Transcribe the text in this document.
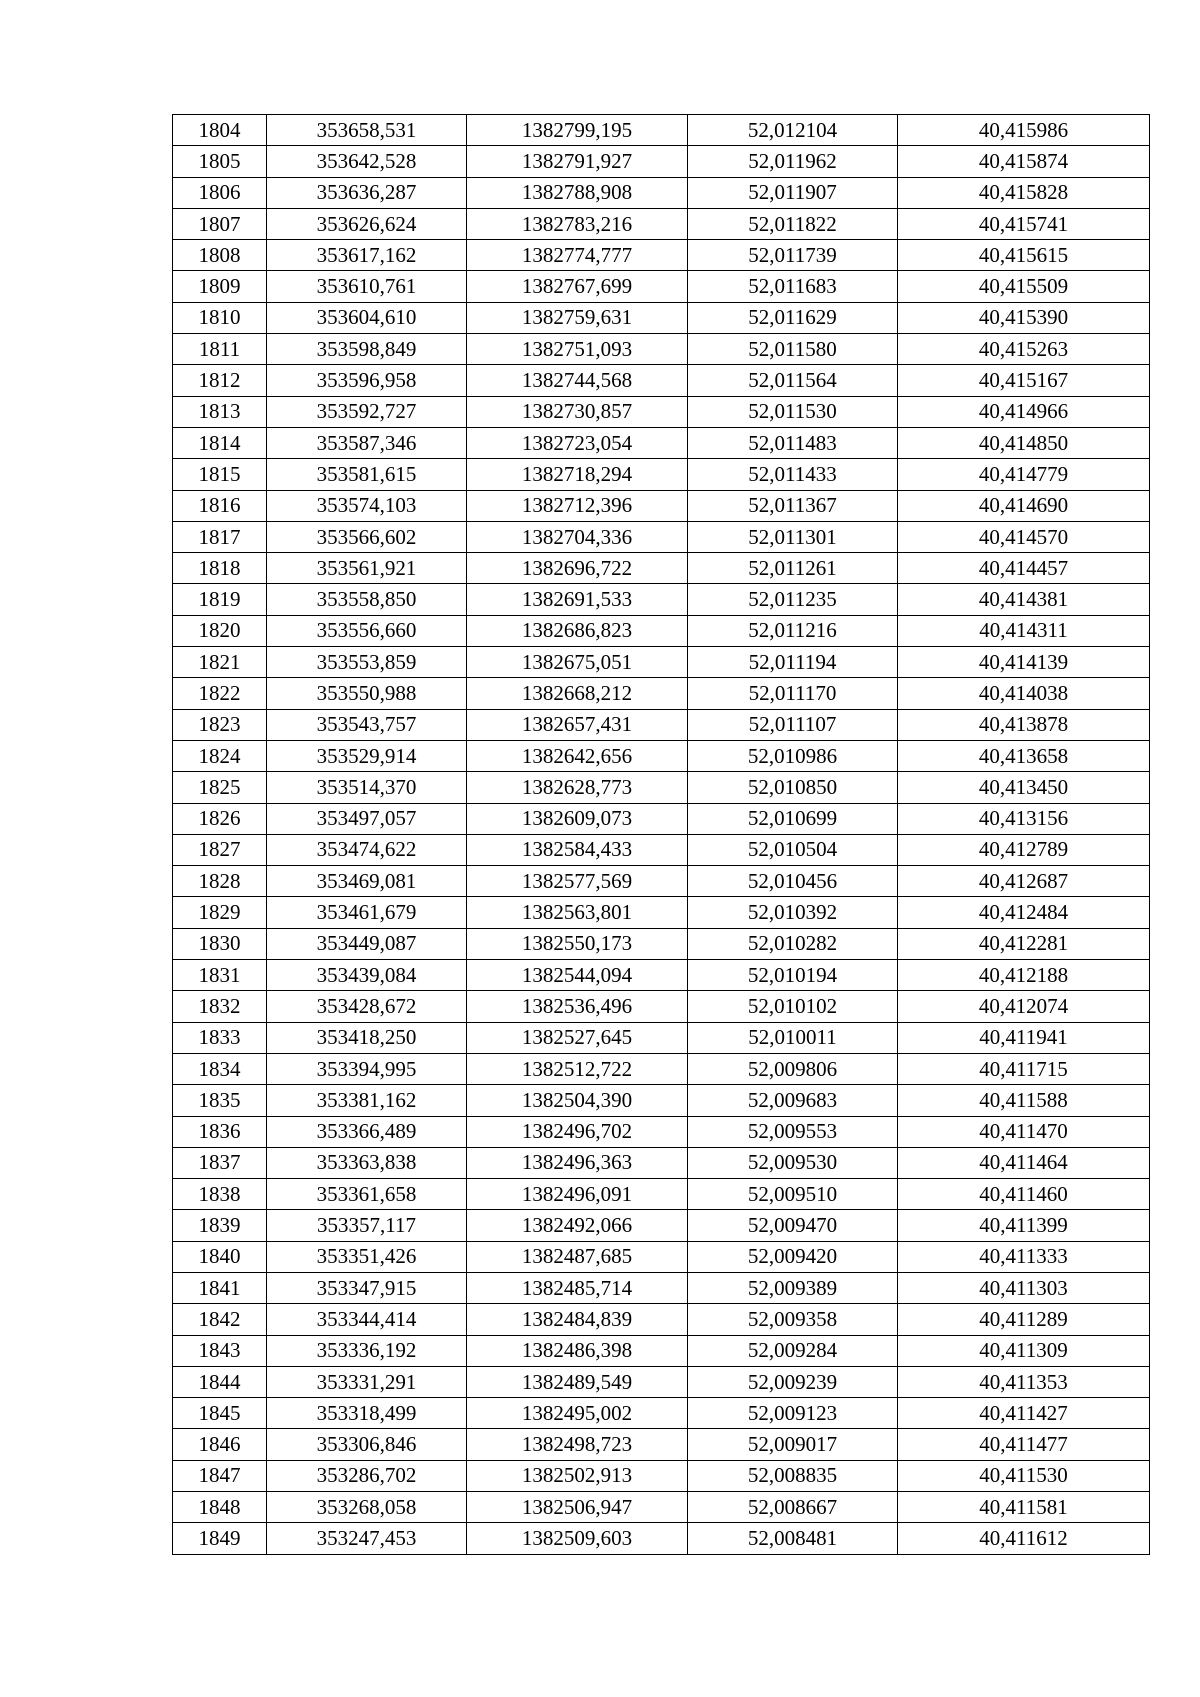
1804	353658,531	1382799,195	52,012104	40,415986
1805	353642,528	1382791,927	52,011962	40,415874
1806	353636,287	1382788,908	52,011907	40,415828
1807	353626,624	1382783,216	52,011822	40,415741
1808	353617,162	1382774,777	52,011739	40,415615
1809	353610,761	1382767,699	52,011683	40,415509
1810	353604,610	1382759,631	52,011629	40,415390
1811	353598,849	1382751,093	52,011580	40,415263
1812	353596,958	1382744,568	52,011564	40,415167
1813	353592,727	1382730,857	52,011530	40,414966
1814	353587,346	1382723,054	52,011483	40,414850
1815	353581,615	1382718,294	52,011433	40,414779
1816	353574,103	1382712,396	52,011367	40,414690
1817	353566,602	1382704,336	52,011301	40,414570
1818	353561,921	1382696,722	52,011261	40,414457
1819	353558,850	1382691,533	52,011235	40,414381
1820	353556,660	1382686,823	52,011216	40,414311
1821	353553,859	1382675,051	52,011194	40,414139
1822	353550,988	1382668,212	52,011170	40,414038
1823	353543,757	1382657,431	52,011107	40,413878
1824	353529,914	1382642,656	52,010986	40,413658
1825	353514,370	1382628,773	52,010850	40,413450
1826	353497,057	1382609,073	52,010699	40,413156
1827	353474,622	1382584,433	52,010504	40,412789
1828	353469,081	1382577,569	52,010456	40,412687
1829	353461,679	1382563,801	52,010392	40,412484
1830	353449,087	1382550,173	52,010282	40,412281
1831	353439,084	1382544,094	52,010194	40,412188
1832	353428,672	1382536,496	52,010102	40,412074
1833	353418,250	1382527,645	52,010011	40,411941
1834	353394,995	1382512,722	52,009806	40,411715
1835	353381,162	1382504,390	52,009683	40,411588
1836	353366,489	1382496,702	52,009553	40,411470
1837	353363,838	1382496,363	52,009530	40,411464
1838	353361,658	1382496,091	52,009510	40,411460
1839	353357,117	1382492,066	52,009470	40,411399
1840	353351,426	1382487,685	52,009420	40,411333
1841	353347,915	1382485,714	52,009389	40,411303
1842	353344,414	1382484,839	52,009358	40,411289
1843	353336,192	1382486,398	52,009284	40,411309
1844	353331,291	1382489,549	52,009239	40,411353
1845	353318,499	1382495,002	52,009123	40,411427
1846	353306,846	1382498,723	52,009017	40,411477
1847	353286,702	1382502,913	52,008835	40,411530
1848	353268,058	1382506,947	52,008667	40,411581
1849	353247,453	1382509,603	52,008481	40,411612
